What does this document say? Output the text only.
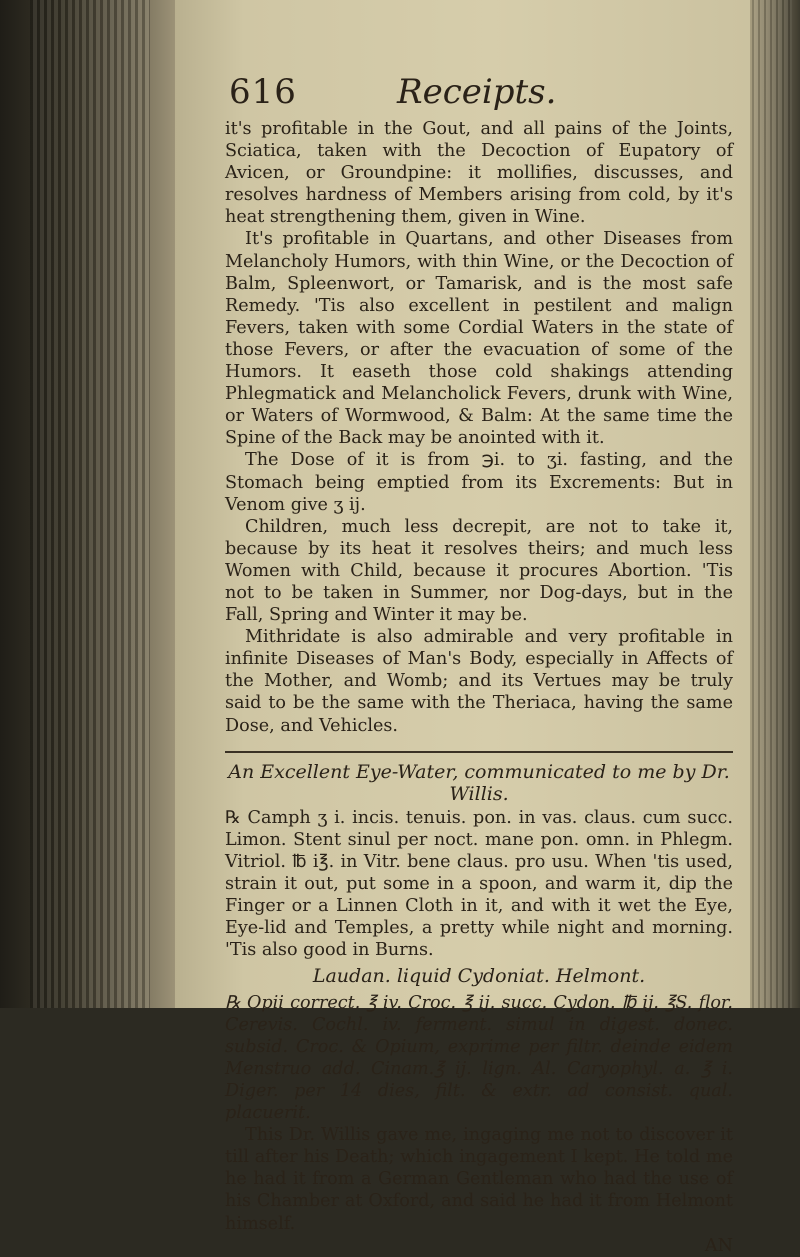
616	Receipts.

it's profitable in the Gout, and all pains of the Joints, Sciatica, taken with the Decoction of Eupatory of Avicen, or Groundpine: it mollifies, discusses, and resolves hardness of Members arising from cold, by it's heat strengthening them, given in Wine.

It's profitable in Quartans, and other Diseases from Melancholy Humors, with thin Wine, or the Decoction of Balm, Spleenwort, or Tamarisk, and is the most safe Remedy. 'Tis also excellent in pestilent and malign Fevers, taken with some Cordial Waters in the state of those Fevers, or after the evacuation of some of the Humors. It easeth those cold shakings attending Phlegmatick and Melancholick Fevers, drunk with Wine, or Waters of Wormwood, & Balm: At the same time the Spine of the Back may be anointed with it.

The Dose of it is from ℈i. to ʒi. fasting, and the Stomach being emptied from its Excrements: But in Venom give ʒ ij.

Children, much less decrepit, are not to take it, because by its heat it resolves theirs; and much less Women with Child, because it procures Abortion. 'Tis not to be taken in Summer, nor Dog-days, but in the Fall, Spring and Winter it may be.

Mithridate is also admirable and very profitable in infinite Diseases of Man's Body, especially in Affects of the Mother, and Womb; and its Vertues may be truly said to be the same with the Theriaca, having the same Dose, and Vehicles.

An Excellent Eye-Water, communicated to me by Dr. Willis.

℞ Camph ʒ i. incis. tenuis. pon. in vas. claus. cum succ. Limon. Stent sinul per noct. mane pon. omn. in Phlegm. Vitriol. ℔ i℥. in Vitr. bene claus. pro usu. When 'tis used, strain it out, put some in a spoon, and warm it, dip the Finger or a Linnen Cloth in it, and with it wet the Eye, Eye-lid and Temples, a pretty while night and morning. 'Tis also good in Burns.

Laudan. liquid Cydoniat. Helmont.

℞ Opii correct. ℥ iv. Croc. ℥ ij. succ. Cydon. ℔ ij. ℥S. flor. Cerevis. Cochl. iv. ferment. simul in digest. donec. subsid. Croc. & Opium, exprime per filtr. deinde eidem Menstruo add. Cinam.℥ ij. lign. Al. Caryophyl. a. ℥ i. Diger. per 14 dies, filt. & extr. ad consist. qual. placuerit.

This Dr. Willis gave me, ingaging me not to discover it till after his Death; which ingagement I kept. He told me he had it from a German Gentleman who had the use of his Chamber at Oxford, and said he had it from Helmont himself.

AN
